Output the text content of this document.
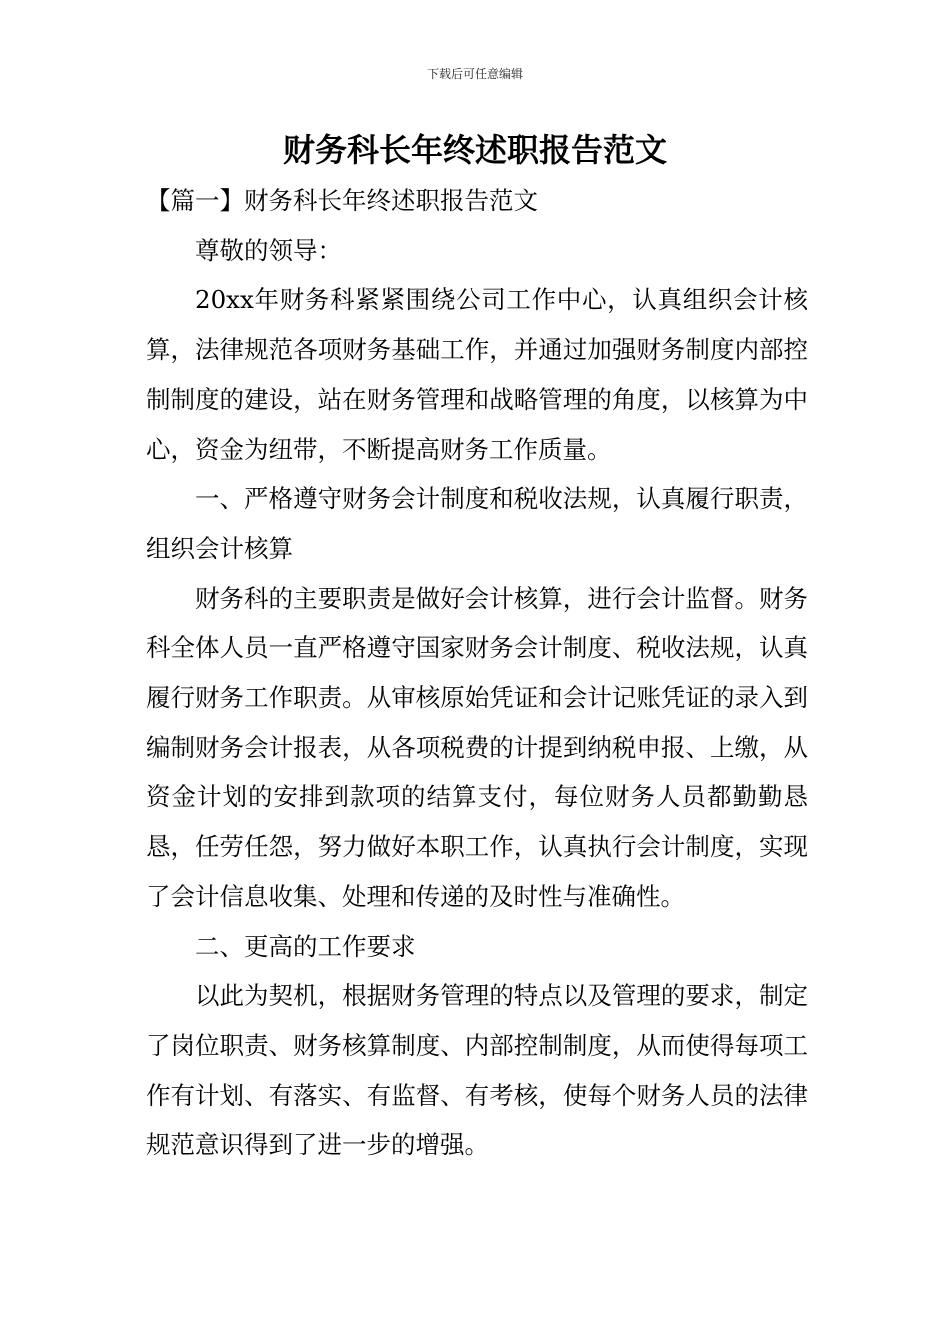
下载后可任意编辑
财务科长年终述职报告范文

【篇一】财务科长年终述职报告范文

尊敬的领导：

20xx年财务科紧紧围绕公司工作中心，认真组织会计核算，法律规范各项财务基础工作，并通过加强财务制度内部控制制度的建设，站在财务管理和战略管理的角度，以核算为中心，资金为纽带，不断提高财务工作质量。

一、严格遵守财务会计制度和税收法规，认真履行职责，组织会计核算

财务科的主要职责是做好会计核算，进行会计监督。财务科全体人员一直严格遵守国家财务会计制度、税收法规，认真履行财务工作职责。从审核原始凭证和会计记账凭证的录入到编制财务会计报表，从各项税费的计提到纳税申报、上缴，从资金计划的安排到款项的结算支付，每位财务人员都勤勤恳恳，任劳任怨，努力做好本职工作，认真执行会计制度，实现了会计信息收集、处理和传递的及时性与准确性。

二、更高的工作要求

以此为契机，根据财务管理的特点以及管理的要求，制定了岗位职责、财务核算制度、内部控制制度，从而使得每项工作有计划、有落实、有监督、有考核，使每个财务人员的法律规范意识得到了进一步的增强。
